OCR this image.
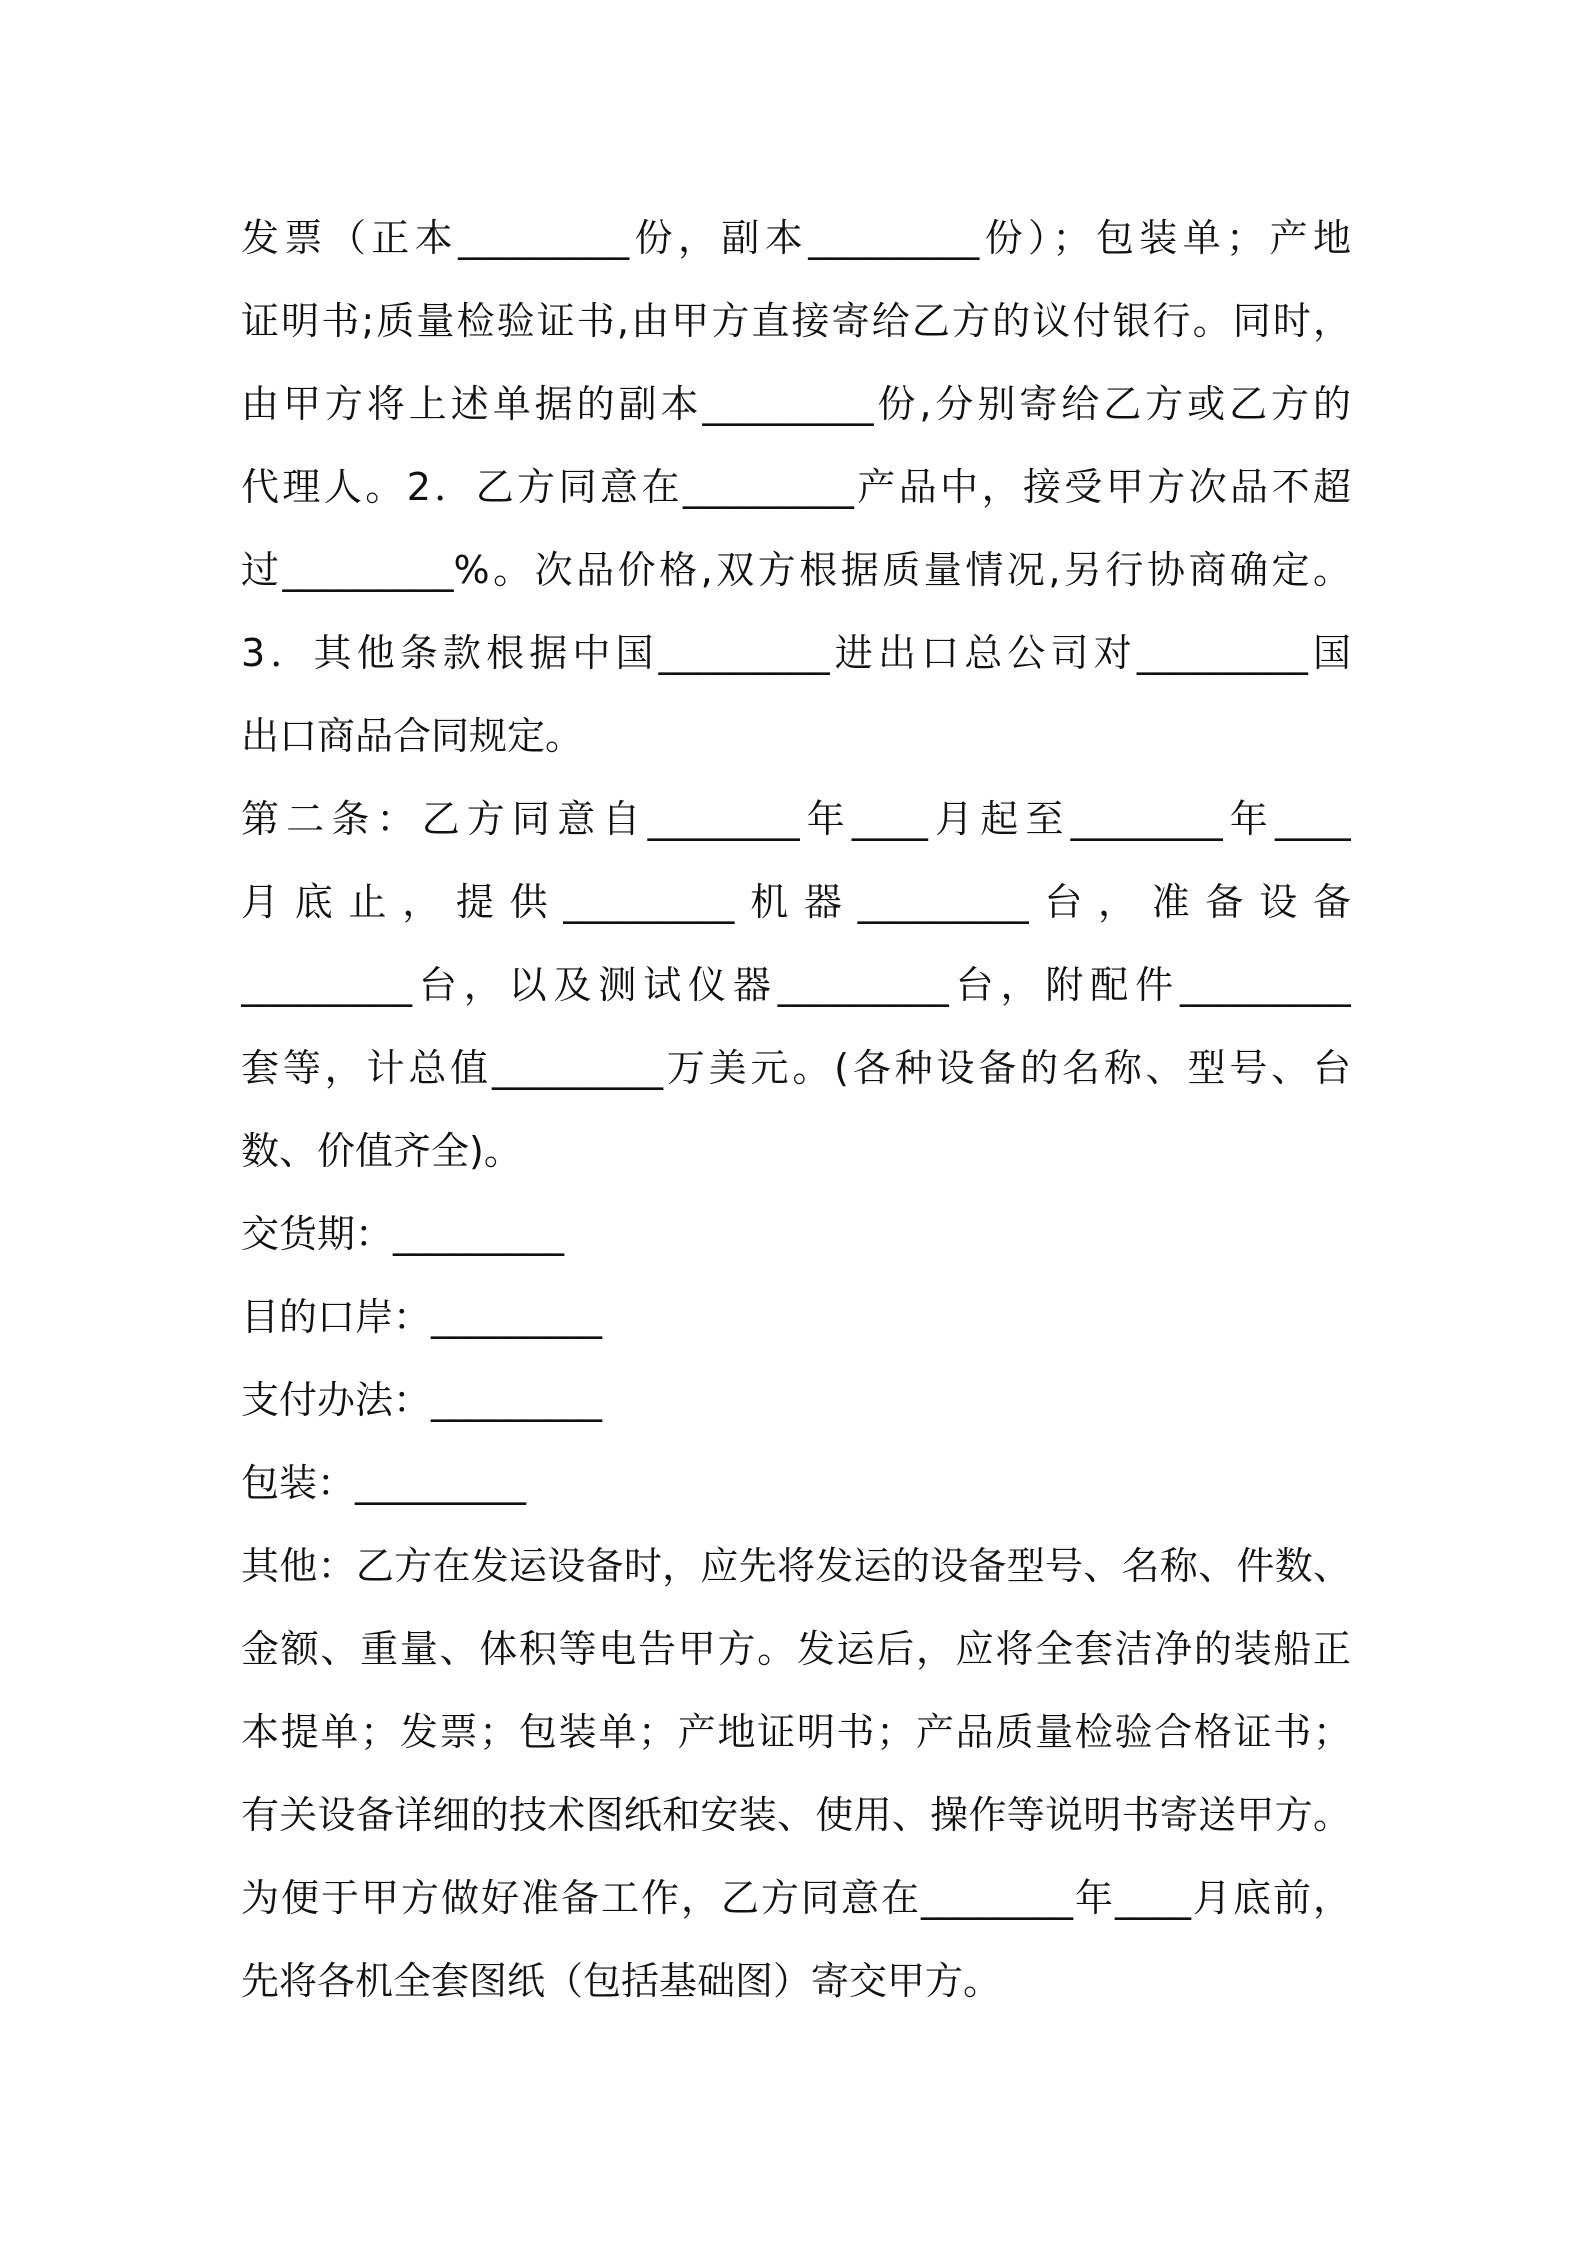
发票（正本_________份，副本_________份）；包装单；产地
证明书;质量检验证书,由甲方直接寄给乙方的议付银行。同时，
由甲方将上述单据的副本_________份,分别寄给乙方或乙方的
代理人。2．乙方同意在_________产品中，接受甲方次品不超
过_________%。次品价格,双方根据质量情况,另行协商确定。
3．其他条款根据中国_________进出口总公司对_________国
出口商品合同规定。
第二条：乙方同意自________年____月起至________年____
月底止，提供_________机器_________台，准备设备
_________台，以及测试仪器_________台，附配件_________
套等，计总值_________万美元。(各种设备的名称、型号、台
数、价值齐全)。
交货期：_________
目的口岸：_________
支付办法：_________
包装：_________
其他：乙方在发运设备时，应先将发运的设备型号、名称、件数、
金额、重量、体积等电告甲方。发运后，应将全套洁净的装船正
本提单；发票；包装单；产地证明书；产品质量检验合格证书；
有关设备详细的技术图纸和安装、使用、操作等说明书寄送甲方。
为便于甲方做好准备工作，乙方同意在________年____月底前，
先将各机全套图纸（包括基础图）寄交甲方。
